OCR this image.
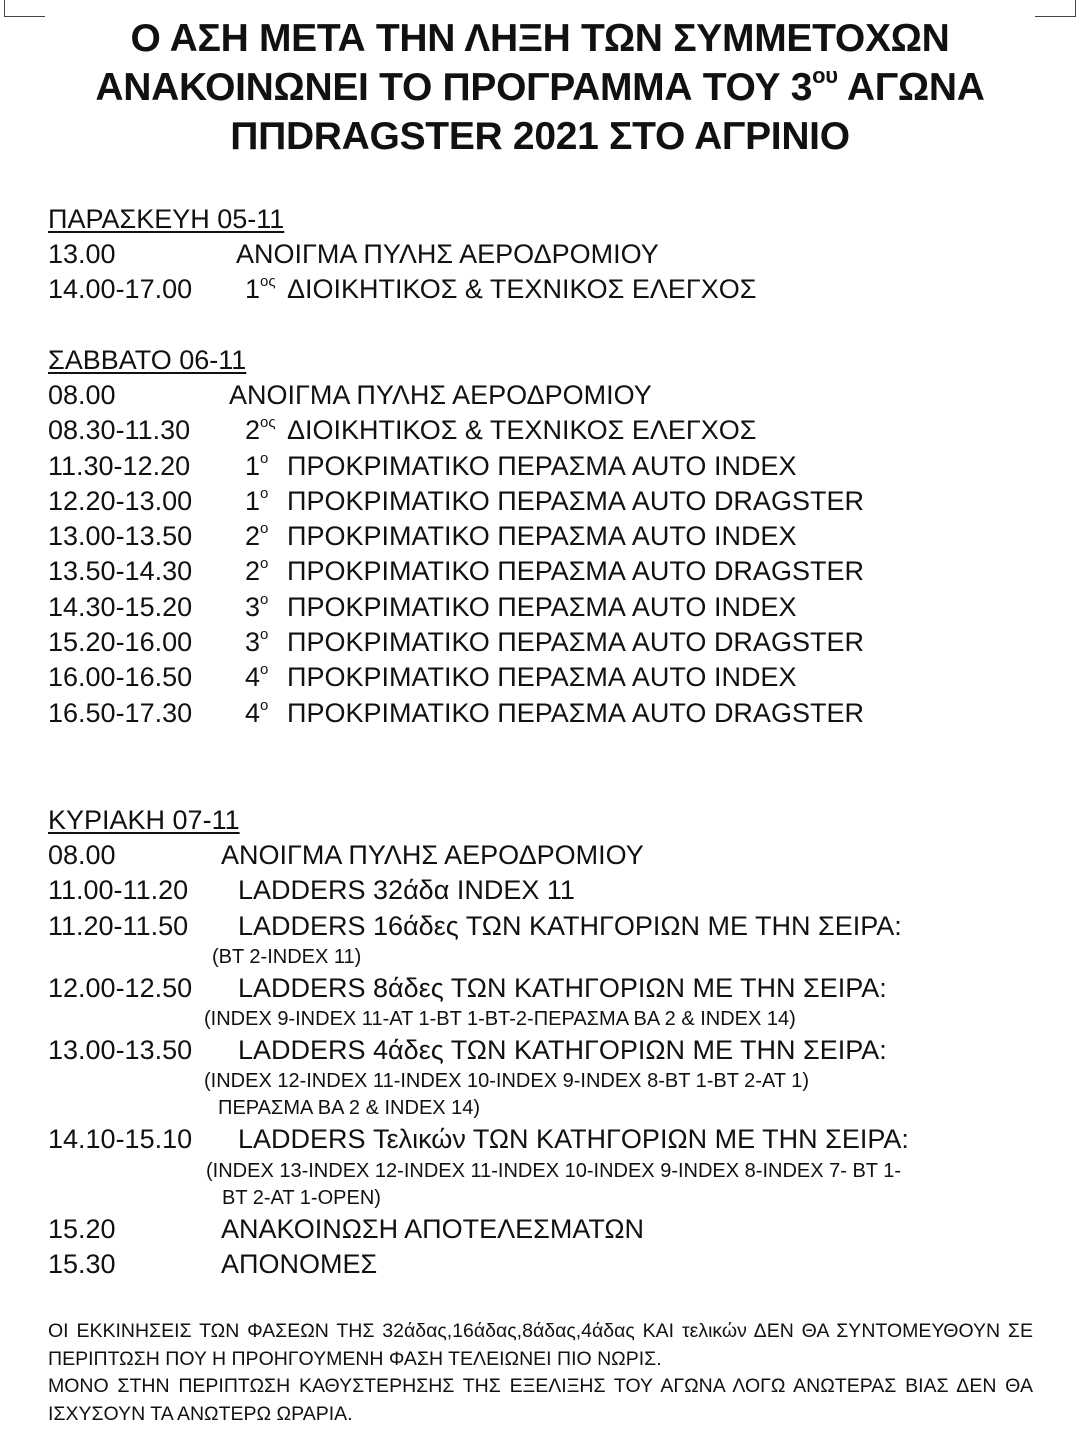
Ο ΑΣΗ ΜΕΤΑ ΤΗΝ ΛΗΞΗ ΤΩΝ ΣΥΜΜΕΤΟΧΩΝ
ΑΝΑΚΟΙΝΩΝΕΙ ΤΟ ΠΡΟΓΡΑΜΜΑ ΤΟΥ $3^{o\upsilon}$ ΑΓΩΝΑ
ΠΠDRAGSTER 2021 ΣΤΟ ΑΓΡΙΝΙΟ
ΠΑΡΑΣΚΕΥΗ 05-11
13.00	ΑΝΟΙΓΜΑ ΠΥΛΗΣ ΑΕΡΟΔΡΟΜΙΟΥ
14.00-17.00 $1^{o\varsigma}$ ΔΙΟΙΚΗΤΙΚΟΣ & ΤΕΧΝΙΚΟΣ ΕΛΕΓΧΟΣ
ΣΑΒΒΑΤΟ 06-11
08.00	ΑΝΟΙΓΜΑ ΠΥΛΗΣ ΑΕΡΟΔΡΟΜΙΟΥ
08.30-11.30 $2^{o\varsigma}$ ΔΙΟΙΚΗΤΙΚΟΣ & ΤΕΧΝΙΚΟΣ ΕΛΕΓΧΟΣ
11.30-12.20 $1^o$ ΠΡΟΚΡΙΜΑΤΙΚΟ ΠΕΡΑΣΜΑ AUTO INDEX
12.20-13.00 $1^o$ ΠΡΟΚΡΙΜΑΤΙΚΟ ΠΕΡΑΣΜΑ AUTO DRAGSTER
13.00-13.50 $2^o$ ΠΡΟΚΡΙΜΑΤΙΚΟ ΠΕΡΑΣΜΑ AUTO INDEX
13.50-14.30 $2^o$ ΠΡΟΚΡΙΜΑΤΙΚΟ ΠΕΡΑΣΜΑ AUTO DRAGSTER
14.30-15.20 $3^o$ ΠΡΟΚΡΙΜΑΤΙΚΟ ΠΕΡΑΣΜΑ AUTO INDEX
15.20-16.00 $3^o$ ΠΡΟΚΡΙΜΑΤΙΚΟ ΠΕΡΑΣΜΑ AUTO DRAGSTER
16.00-16.50 $4^o$ ΠΡΟΚΡΙΜΑΤΙΚΟ ΠΕΡΑΣΜΑ AUTO INDEX
16.50-17.30 $4^o$ ΠΡΟΚΡΙΜΑΤΙΚΟ ΠΕΡΑΣΜΑ AUTO DRAGSTER
ΚΥΡΙΑΚΗ 07-11
08.00	ΑΝΟΙΓΜΑ ΠΥΛΗΣ ΑΕΡΟΔΡΟΜΙΟΥ
11.00-11.20 LADDERS 32άδα INDEX 11
11.20-11.50 LADDERS 16άδες ΤΩΝ ΚΑΤΗΓΟΡΙΩΝ ΜΕ ΤΗΝ ΣΕΙΡΑ:
(BT 2-INDEX 11)
12.00-12.50 LADDERS 8άδες ΤΩΝ ΚΑΤΗΓΟΡΙΩΝ ΜΕ ΤΗΝ ΣΕΙΡΑ:
(INDEX 9-INDEX 11-AT 1-BT 1-BT-2-ΠΕΡΑΣΜΑ ΒΑ 2 & INDEX 14)
13.00-13.50 LADDERS 4άδες ΤΩΝ ΚΑΤΗΓΟΡΙΩΝ ΜΕ ΤΗΝ ΣΕΙΡΑ:
(INDEX 12-INDEX 11-INDEX 10-INDEX 9-INDEX 8-BT 1-BT 2-AT 1)
ΠΕΡΑΣΜΑ ΒΑ 2 & INDEX 14)
14.10-15.10 LADDERS Τελικών ΤΩΝ ΚΑΤΗΓΟΡΙΩΝ ΜΕ ΤΗΝ ΣΕΙΡΑ:
(INDEX 13-INDEX 12-INDEX 11-INDEX 10-INDEX 9-INDEX 8-INDEX 7- BT 1-
BT 2-AT 1-OPEN)
15.20	ΑΝΑΚΟΙΝΩΣΗ ΑΠΟΤΕΛΕΣΜΑΤΩΝ
15.30	ΑΠΟΝΟΜΕΣ

ΟΙ ΕΚΚΙΝΗΣΕΙΣ ΤΩΝ ΦΑΣΕΩΝ ΤΗΣ 32άδας,16άδας,8άδας,4άδας ΚΑΙ τελικών ΔΕΝ ΘΑ ΣΥΝΤΟΜΕΥΘΟΥΝ ΣΕ ΠΕΡΙΠΤΩΣΗ ΠΟΥ Η ΠΡΟΗΓΟΥΜΕΝΗ ΦΑΣΗ ΤΕΛΕΙΩΝΕΙ ΠΙΟ ΝΩΡΙΣ.

ΜΟΝΟ ΣΤΗΝ ΠΕΡΙΠΤΩΣΗ ΚΑΘΥΣΤΕΡΗΣΗΣ ΤΗΣ ΕΞΕΛΙΞΗΣ ΤΟΥ ΑΓΩΝΑ ΛΟΓΩ ΑΝΩΤΕΡΑΣ ΒΙΑΣ ΔΕΝ ΘΑ ΙΣΧΥΣΟΥΝ ΤΑ ΑΝΩΤΕΡΩ ΩΡΑΡΙΑ.
